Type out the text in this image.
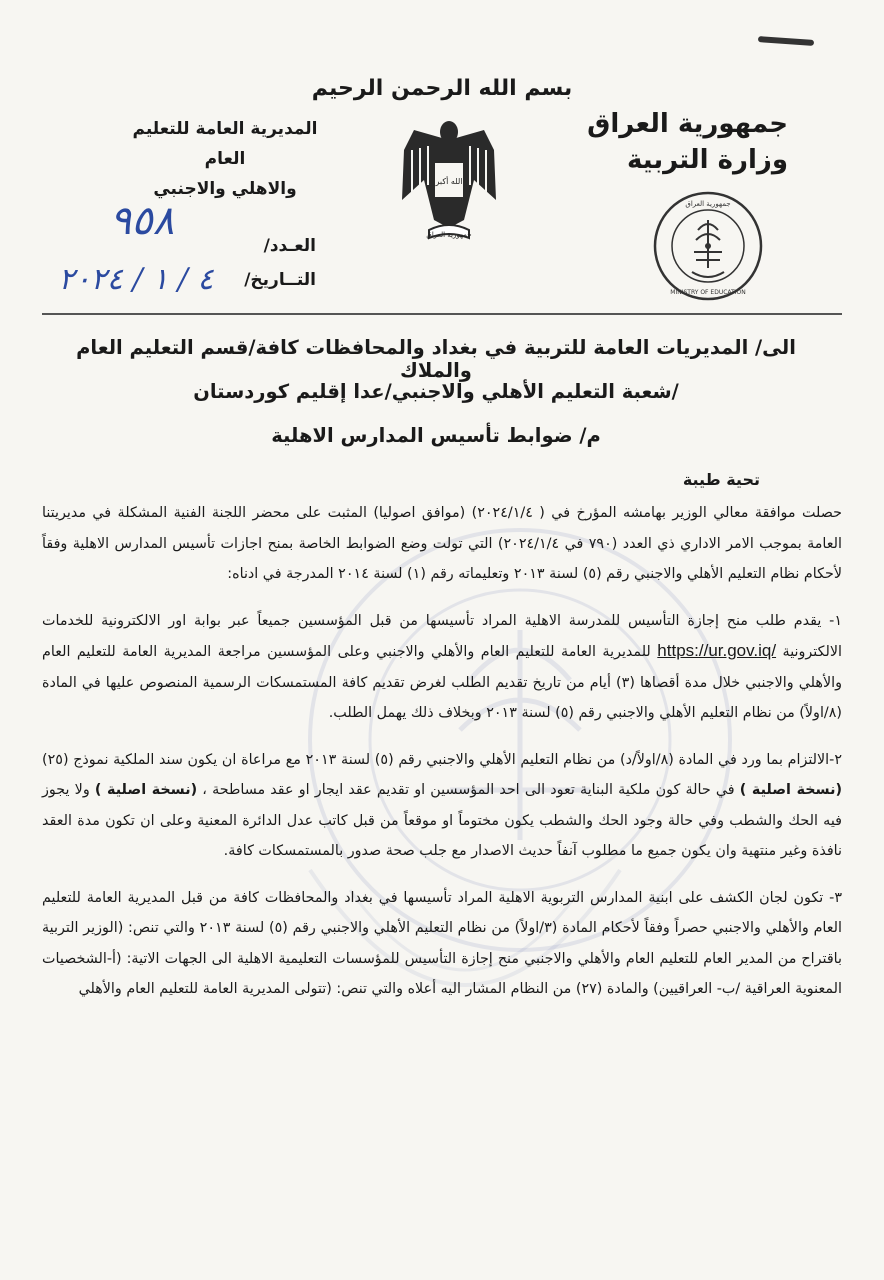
بسم الله الرحمن الرحيم
جمهورية العراق
وزارة التربية
المديرية العامة للتعليم العام
والاهلي والاجنبي	الله أكبر
جمهورية العراق
جمهورية العراق
MINISTRY OF EDUCATION
٩٥٨
العـدد/
٤ / ١ / ٢٠٢٤	التــاريخ/
الى/ المديريات العامة للتربية في بغداد والمحافظات كافة/قسم التعليم العام والملاك
/شعبة التعليم الأهلي والاجنبي/عدا إقليم كوردستان
م/ ضوابط تأسيس المدارس الاهلية
تحية طيبة

حصلت موافقة معالي الوزير بهامشه المؤرخ في ( ٢٠٢٤/١/٤) (موافق اصوليا) المثبت على محضر اللجنة الفنية المشكلة في مديريتنا العامة بموجب الامر الاداري ذي العدد (٧٩٠ في ٢٠٢٤/١/٤) التي تولت وضع الضوابط الخاصة بمنح اجازات تأسيس المدارس الاهلية وفقاً لأحكام نظام التعليم الأهلي والاجنبي رقم (٥) لسنة ٢٠١٣ وتعليماته رقم (١) لسنة ٢٠١٤ المدرجة في ادناه:

١- يقدم طلب منح إجازة التأسيس للمدرسة الاهلية المراد تأسيسها من قبل المؤسسين جميعاً عبر بوابة اور الالكترونية للخدمات الالكترونية https://ur.gov.iq/ للمديرية العامة للتعليم العام والأهلي والاجنبي وعلى المؤسسين مراجعة المديرية العامة للتعليم العام والأهلي والاجنبي خلال مدة أقصاها (٣) أيام من تاريخ تقديم الطلب لغرض تقديم كافة المستمسكات الرسمية المنصوص عليها في المادة (٨/اولاً) من نظام التعليم الأهلي والاجنبي رقم (٥) لسنة ٢٠١٣ وبخلاف ذلك يهمل الطلب.

٢-الالتزام بما ورد في المادة (٨/اولاً/د) من نظام التعليم الأهلي والاجنبي رقم (٥) لسنة ٢٠١٣ مع مراعاة ان يكون سند الملكية نموذج (٢٥) (نسخة اصلية ) في حالة كون ملكية البناية تعود الى احد المؤسسين او تقديم عقد ايجار او عقد مساطحة ، (نسخة اصلية ) ولا يجوز فيه الحك والشطب وفي حالة وجود الحك والشطب يكون مختوماً او موقعاً من قبل كاتب عدل الدائرة المعنية وعلى ان تكون مدة العقد نافذة وغير منتهية وان يكون جميع ما مطلوب آنفاً حديث الاصدار مع جلب صحة صدور بالمستمسكات كافة.

٣- تكون لجان الكشف على ابنية المدارس التربوية الاهلية المراد تأسيسها في بغداد والمحافظات كافة من قبل المديرية العامة للتعليم العام والأهلي والاجنبي حصراً وفقاً لأحكام المادة (٣/اولاً) من نظام التعليم الأهلي والاجنبي رقم (٥) لسنة ٢٠١٣ والتي تنص: (الوزير التربية باقتراح من المدير العام للتعليم العام والأهلي والاجنبي منح إجازة التأسيس للمؤسسات التعليمية الاهلية الى الجهات الاتية: (أ-الشخصيات المعنوية العراقية /ب- العراقيين) والمادة (٢٧) من النظام المشار اليه أعلاه والتي تنص: (تتولى المديرية العامة للتعليم العام والأهلي
